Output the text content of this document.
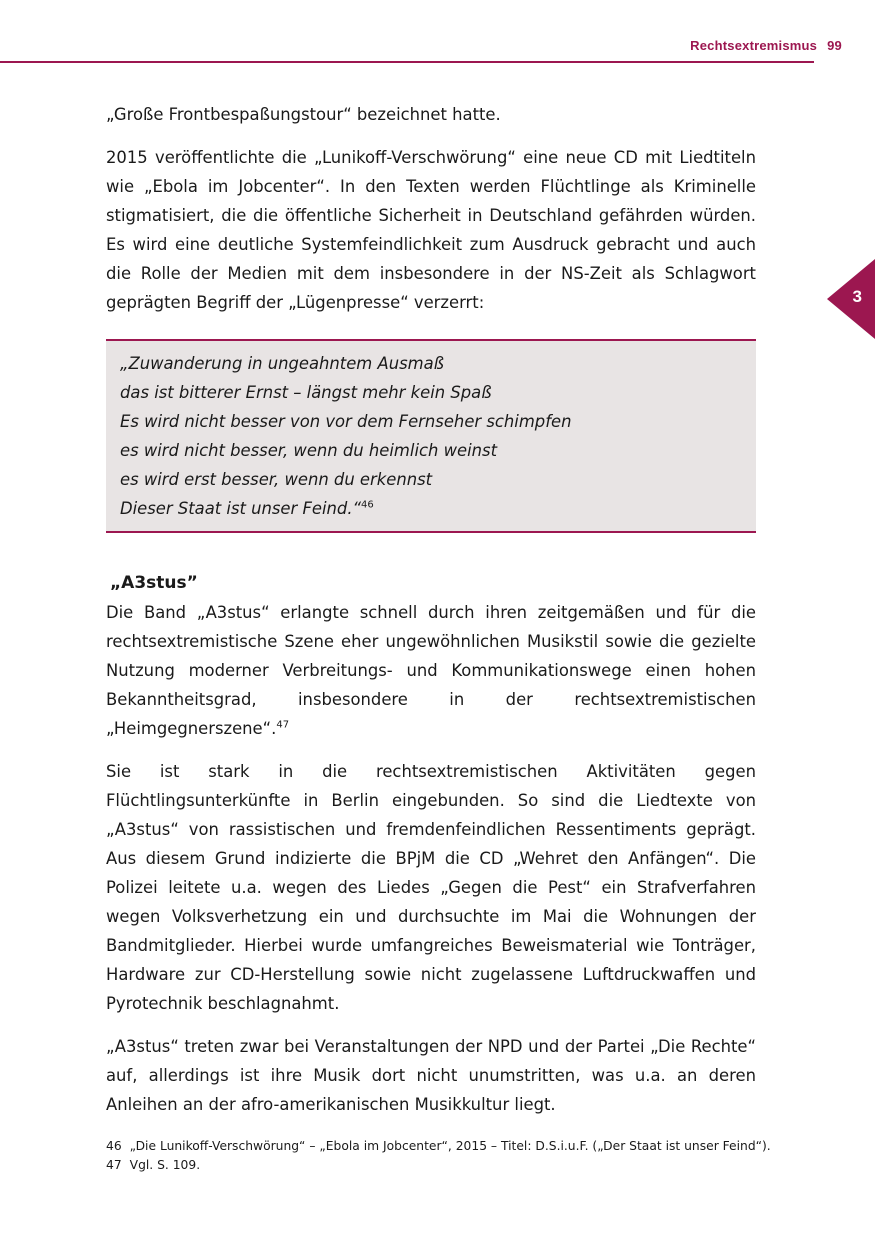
Rechtsextremismus 99
3

„Große Frontbespaßungstour“ bezeichnet hatte.

2015 veröffentlichte die „Lunikoff-Verschwörung“ eine neue CD mit Liedtiteln wie „Ebola im Jobcenter“. In den Texten werden Flüchtlinge als Kriminelle stigmatisiert, die die öffentliche Sicherheit in Deutschland gefährden würden. Es wird eine deutliche Systemfeindlichkeit zum Ausdruck gebracht und auch die Rolle der Medien mit dem insbesondere in der NS-Zeit als Schlagwort geprägten Begriff der „Lügenpresse“ verzerrt:

„Zuwanderung in ungeahntem Ausmaß
das ist bitterer Ernst – längst mehr kein Spaß
Es wird nicht besser von vor dem Fernseher schimpfen
es wird nicht besser, wenn du heimlich weinst
es wird erst besser, wenn du erkennst
Dieser Staat ist unser Feind.“$^{46}$
„A3stus”

Die Band „A3stus“ erlangte schnell durch ihren zeitgemäßen und für die rechtsextremistische Szene eher ungewöhnlichen Musikstil sowie die gezielte Nutzung moderner Verbreitungs- und Kommunikationswege einen hohen Bekanntheitsgrad, insbesondere in der rechtsextremistischen „Heimgegnerszene“.$^{47}$

Sie ist stark in die rechtsextremistischen Aktivitäten gegen Flüchtlingsunterkünfte in Berlin eingebunden. So sind die Liedtexte von „A3stus“ von rassistischen und fremdenfeindlichen Ressentiments geprägt. Aus diesem Grund indizierte die BPjM die CD „Wehret den Anfängen“. Die Polizei leitete u.a. wegen des Liedes „Gegen die Pest“ ein Strafverfahren wegen Volksverhetzung ein und durchsuchte im Mai die Wohnungen der Bandmitglieder. Hierbei wurde umfangreiches Beweismaterial wie Tonträger, Hardware zur CD-Herstellung sowie nicht zugelassene Luftdruckwaffen und Pyrotechnik beschlagnahmt.

„A3stus“ treten zwar bei Veranstaltungen der NPD und der Partei „Die Rechte“ auf, allerdings ist ihre Musik dort nicht unumstritten, was u.a. an deren Anleihen an der afro-amerikanischen Musikkultur liegt.

46 „Die Lunikoff-Verschwörung“ – „Ebola im Jobcenter“, 2015 – Titel: D.S.i.u.F. („Der Staat ist unser Feind“).
47 Vgl. S. 109.
